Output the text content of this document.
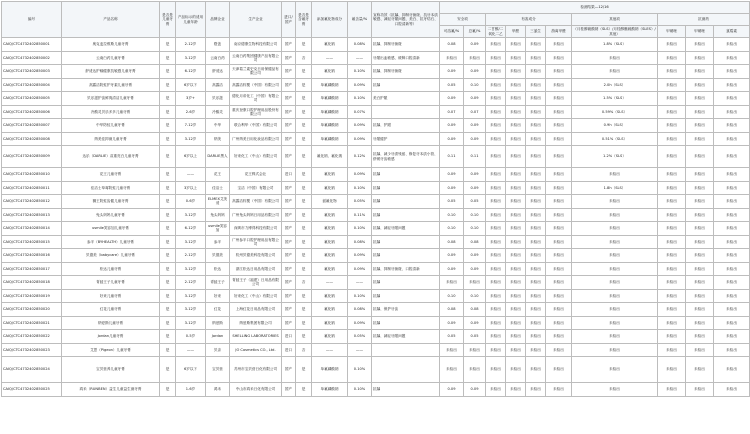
编号	产品名称	是否是儿童牙膏	产品标示的适用儿童年龄	品牌企业	生产企业	进口/国产	是否是含氟牙膏	添加氟化物成分	氟含量/%	宣称功效（抗龋、抑制牙菌斑、抗牙本质敏感、减轻牙龈问题、美白、抗牙结石、口腔清新等）	检测结果—12/16									
											安全项		有害成分				其他项	抗菌药		
											可溶氟/%	总氟/%	二甘醇/二氧化二乙	甲醛	三氯生	游离甲醛	（月桂醇硫酸钠（SLS）/月桂醇醚硫酸钠（SLES）/其他）	甲硝唑	甲硝唑	氯霉素
CAIQ/CTC4732402850001	奥克麦拉维斯儿童牙膏	是	2-12岁	橙盖	南京德康生物科技有限公司	国产	是	氟化钠	0.08%	抗龋、抑制牙菌斑	0.08	0.09	未检出	未检出	未检出	未检出	1.8%（SLS）	未检出	未检出	未检出
CAIQ/CTC4732402850002	云南白药儿童牙膏	是	3-12岁	云南白药	云南白药集团健康产品有限公司	国产	否	——	——	牙龈出血敏感、缓释口腔清新	未检出	未检出	未检出	未检出	未检出	未检出	未检出	未检出	未检出	未检出
CAIQ/CTC4732402850003	舒适达护釉健康抗敏感儿童牙膏	是	6-12岁	舒适达	天津葛兰素史克日用保健品有限公司	国产	是	氟化钠	0.10%	抗龋、抑制牙菌斑	0.09	0.09	未检出	未检出	未检出	未检出	未检出	未检出	未检出	未检出
CAIQ/CTC4732402850004	高露洁防蛀护牙素儿童牙膏	是	6岁以下	高露洁	高露洁棕榄（中国）有限公司	国产	是	单氟磷酸钠	0.09%	抗龋	0.05	0.10	未检出	未检出	未检出	未检出	2.0h（SLS）	未检出	未检出	未检出
CAIQ/CTC4732402850005	贝乐滋护齿鲜爽清洁儿童牙膏	是	3岁+	贝乐滋	德化月帝化工（中国）有限公司	国产	是	单氟磷酸钠	0.10%	美白护龈	0.09	0.09	未检出	未检出	未检出	未检出	1.5%（SLS）	未检出	未检出	未检出
CAIQ/CTC4732402850006	冷酸灵贝乐多多儿童牙膏	是	2-6岁	冷酸灵	重庆登康口腔护理用品股份有限公司	国产	是	单氟磷酸钠	0.07%		0.07	0.07	未检出	未检出	未检出	未检出	0.59%（SLS）	未检出	未检出	未检出
CAIQ/CTC4732402850007	中华防蛀儿童牙膏	是	7-12岁	中华	联合利华（中国）有限公司	国产	是	单氟磷酸钠	0.09%	抗龋、护龈	0.09	0.09	未检出	未检出	未检出	未检出	0.9h（SLS）	未检出	未检出	未检出
CAIQ/CTC4732402850008	纳美佳抑菌儿童牙膏	是	3-12岁	纳美	广州纳美日用化妆品有限公司	国产	是	单氟磷酸钠	0.09%	牙龈健护	0.09	0.09	未检出	未检出	未检出	未检出	0.51%（SLS）	未检出	未检出	未检出
CAIQ/CTC4732402850009	达乐（DARLIE）双重亮白儿童牙膏	是	6岁以上	DARLIE黑人	好来化工（中山）有限公司	国产	是	氟化钠、氟化钠	0.12%	抗龋、减少牙渍残留、修复牙本质小管、舒缓牙齿敏感	0.11	0.11	未检出	未检出	未检出	未检出	1.2%（SLS）	未检出	未检出	未检出
CAIQ/CTC4732402850010	花王儿童牙膏	是	——	花王	花王株式会社	进口	是	氟化钠	0.09%	抗龋	0.09	0.09	未检出	未检出	未检出	未检出	未检出	未检出	未检出	未检出
CAIQ/CTC4732402850011	佳洁士草莓防蛀儿童牙膏	是	3岁以上	佳洁士	宝洁（中国）有限公司	国产	是	氟化钠	0.10%	抗龋	0.09	0.09	未检出	未检出	未检出	未检出	1.8h（SLS）	未检出	未检出	未检出
CAIQ/CTC4732402850012	狮王防蛀齿健儿童牙膏	是	0-6岁	ELMEX艾美适	高露洁棕榄（中国）有限公司	国产	是	氨氟化物	0.05%	抗龋	0.05	0.05	未检出	未检出	未检出	未检出	未检出	未检出	未检出	未检出
CAIQ/CTC4732402850013	兔头妈妈儿童牙膏	是	3-12岁	兔头妈妈	广州兔头妈妈日用品有限公司	国产	是	氟化钠	0.11%	抗龋	0.10	0.10	未检出	未检出	未检出	未检出	未检出	未检出	未检出	未检出
CAIQ/CTC4732402850014	usmile笑容加儿童牙膏	是	6-12岁	usmile笑容加	深圳市力博得科技有限公司	国产	是	氟化钠	0.10%	抗龋、减轻牙龈问题	0.10	0.10	未检出	未检出	未检出	未检出	未检出	未检出	未检出	未检出
CAIQ/CTC4732402850015	参半（BYHEALTH）儿童牙膏	是	3-12岁	参半	广州参半口腔护理用品有限公司	国产	是	氟化钠	0.08%	抗龋	0.08	0.08	未检出	未检出	未检出	未检出	未检出	未检出	未检出	未检出
CAIQ/CTC4732402850016	贝德美（babycare）儿童牙膏	是	2-12岁	贝德美	杭州贝德美科技有限公司	国产	是	氟化钠	0.09%	抗龋	0.09	0.09	未检出	未检出	未检出	未检出	未检出	未检出	未检出	未检出
CAIQ/CTC4732402850017	松达儿童牙膏	是	3-12岁	松达	浙江松达日用品有限公司	国产	是	氟化钠	0.09%	抗龋、抑制牙菌斑、口腔清新	0.09	0.09	未检出	未检出	未检出	未检出	未检出	未检出	未检出	未检出
CAIQ/CTC4732402850018	青蛙王子儿童牙膏	是	2-12岁	青蛙王子	青蛙王子（福建）日用品有限公司	国产	否	——	——	抗龋	未检出	未检出	未检出	未检出	未检出	未检出	未检出	未检出	未检出	未检出
CAIQ/CTC4732402850019	好来儿童牙膏	是	3-12岁	好来	好来化工（中山）有限公司	国产	是	氟化钠	0.10%	抗龋	0.10	0.10	未检出	未检出	未检出	未检出	未检出	未检出	未检出	未检出
CAIQ/CTC4732402850020	红花儿童牙膏	是	3-12岁	红花	上海红花日用品有限公司	国产	是	氟化钠	0.08%	抗龋、保护牙齿	0.08	0.08	未检出	未检出	未检出	未检出	未检出	未检出	未检出	未检出
CAIQ/CTC4732402850021	纳爱斯儿童牙膏	是	3-12岁	纳爱斯	纳爱斯集团有限公司	国产	是	氟化钠	0.09%	抗龋	0.09	0.09	未检出	未检出	未检出	未检出	未检出	未检出	未检出	未检出
CAIQ/CTC4732402850022	Jordan儿童牙膏	是	0-5岁	Jordan	SHELLING LABORATORIES	进口	是	氟化钠	0.05%	抗龋、减轻牙龈问题	0.05	0.05	未检出	未检出	未检出	未检出	未检出	未检出	未检出	未检出
CAIQ/CTC4732402850023	艾思（Pigeon）儿童牙膏	是	——	贝亲	JO Cosmetics CO., Ltd.	进口	否	——	——		未检出	未检出	未检出	未检出	未检出	未检出	未检出	未检出	未检出	未检出
CAIQ/CTC4732402850024	宝贝营养儿童牙膏	是	6岁以下	宝贝营	苏州市宝贝营日化有限公司	国产	是	单氟磷酸钠	0.10%		未检出	未检出	未检出	未检出	未检出	未检出	未检出	未检出	未检出	未检出
CAIQ/CTC4732402850025	鸿禾（RUNBEN）益生儿童益生菌牙膏	是	1-6岁	鸿禾	中山市鸿禾日化有限公司	国产	是	单氟磷酸钠	0.10%	抗龋	0.09	0.09	未检出	未检出	未检出	未检出	未检出	未检出	未检出	未检出
